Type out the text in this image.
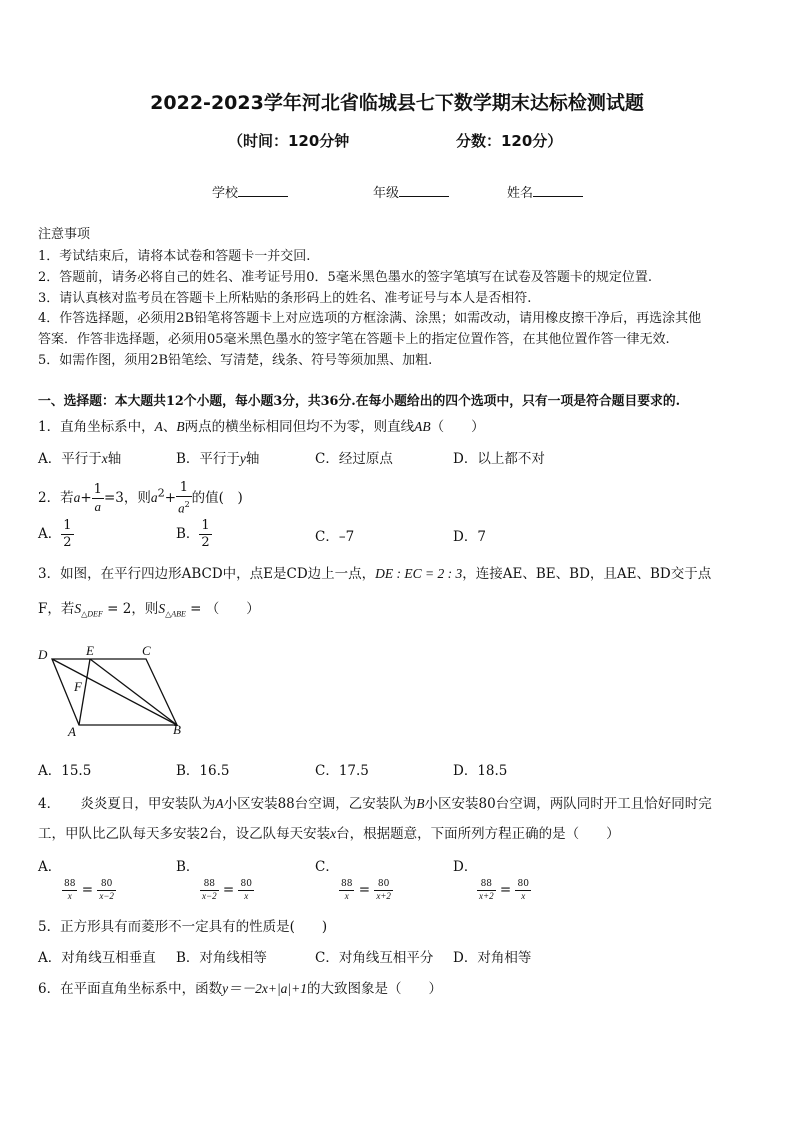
2022-2023学年河北省临城县七下数学期末达标检测试题
（时间：120分钟	分数：120分）
学校	年级	姓名
注意事项
1．考试结束后，请将本试卷和答题卡一并交回.
2．答题前，请务必将自己的姓名、准考证号用0．5毫米黑色墨水的签字笔填写在试卷及答题卡的规定位置.
3．请认真核对监考员在答题卡上所粘贴的条形码上的姓名、准考证号与本人是否相符.
4．作答选择题，必须用2B铅笔将答题卡上对应选项的方框涂满、涂黑；如需改动，请用橡皮擦干净后，再选涂其他
答案．作答非选择题，必须用05毫米黑色墨水的签字笔在答题卡上的指定位置作答，在其他位置作答一律无效.
5．如需作图，须用2B铅笔绘、写清楚，线条、符号等须加黑、加粗.
一、选择题：本大题共12个小题，每小题3分，共36分.在每小题给出的四个选项中，只有一项是符合题目要求的.
1．直角坐标系中，A、B两点的横坐标相同但均不为零，则直线AB（　　）
A．平行于x轴	B．平行于y轴	C．经过原点	D．以上都不对
2．若$a+ \frac{1}{a} =3$，则$a^2+ \frac{1}{a^2}$ 的值(　)
A． $\frac{1}{2}$	B． $\frac{1}{2}$	C．–7	D．7
3．如图，在平行四边形ABCD中，点E是CD边上一点，DE : EC = 2 : 3，连接AE、BE、BD，且AE、BD交于点
F，若$S_{\triangle DEF} = 2$，则$S_{\triangle ABE}$ = （　　）
D	E	C
F
A	B
A．15.5	B．16.5	C．17.5	D．18.5
4．　　炎炎夏日，甲安装队为A小区安装88台空调，乙安装队为B小区安装80台空调，两队同时开工且恰好同时完
工，甲队比乙队每天多安装2台，设乙队每天安装x台，根据题意，下面所列方程正确的是（　　）
A．

$\frac{88}{x} = \frac{80}{x-2}$
B．

$\frac{88}{x-2} = \frac{80}{x}$
C．

$\frac{88}{x} = \frac{80}{x+2}$
D．

$\frac{88}{x+2} = \frac{80}{x}$
5．正方形具有而菱形不一定具有的性质是(　　)
A．对角线互相垂直 B．对角线相等	C．对角线互相平分 D．对角相等
6．在平面直角坐标系中，函数y＝－2x+|a|+1的大致图象是（　　）
